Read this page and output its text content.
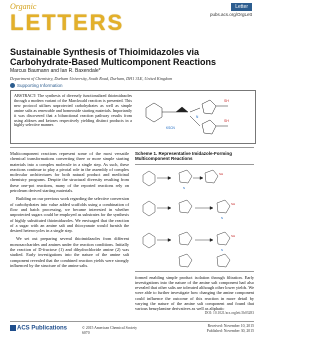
Organic
LETTERS
Letter
pubs.acs.org/OrgLett
Sustainable Synthesis of Thioimidazoles via Carbohydrate-Based Multicomponent Reactions
Marcus Baumann and Ian R. Baxendale*
Department of Chemistry, Durham University, South Road, Durham, DH1 3LE, United Kingdom
Supporting Information
ABSTRACT: The synthesis of diversely functionalized thioimidazoles through a modern variant of the Marckwald reaction is presented. This new protocol utilizes unprotected carbohydrates as well as simple amine salts as renewable and homeoxide starting materials. Importantly it was discovered that a bifunctional reaction pathway results from using aldoses and ketoses respectively yielding distinct products in a highly selective manner.
SH
SH
N
KSCN

Multicomponent reactions represent some of the most versatile chemical transformations converting three or more simple starting materials into a complex molecule in a single step. As such, these reactions continue to play a pivotal role in the assembly of complex molecular architectures for both natural product and medicinal chemistry programs. Despite the structural diversity resulting from these one-pot reactions, many of the reported reactions rely on petroleum derived starting materials.

Building on our previous work regarding the selective conversion of carbohydrates into value added scaffolds using a combination of flow and batch processing, we became interested in whether unprotected sugars could be employed as substrates for the synthesis of highly substituted thioimidazoles. We envisaged that the reaction of a sugar with an amine salt and thiocyanate would furnish the desired heterocycles in a single step.

We set out preparing several thioimidazoles from different monosaccharides and amines under the reaction conditions. Initially the reaction of D-fructose (1) and dihydrochloride amine (2) was studied. Early investigations into the nature of the amine salt component revealed that the combined reaction yields were strongly influenced by the structure of the amine salts.

Scheme 1. Representative Imidazole-Forming Multicomponent Reactions
SH
SH
SH
N
N
N
formed enabling simple product isolation through filtration. Early investigations into the nature of the amine salt component had also revealed that other salts are tolerated although other lower yields. We were able to further investigate how changing the amine component could influence the outcome of this reaction in more detail by varying the nature of the amine salt component and found that various benzylamine derivatives as well as aliphatic
DOI: 10.1021/acs.orglett.5b03283
ACS Publications	© 2015 American Chemical Society
6070
Received: November 10, 2015
Published: November 30, 2015
